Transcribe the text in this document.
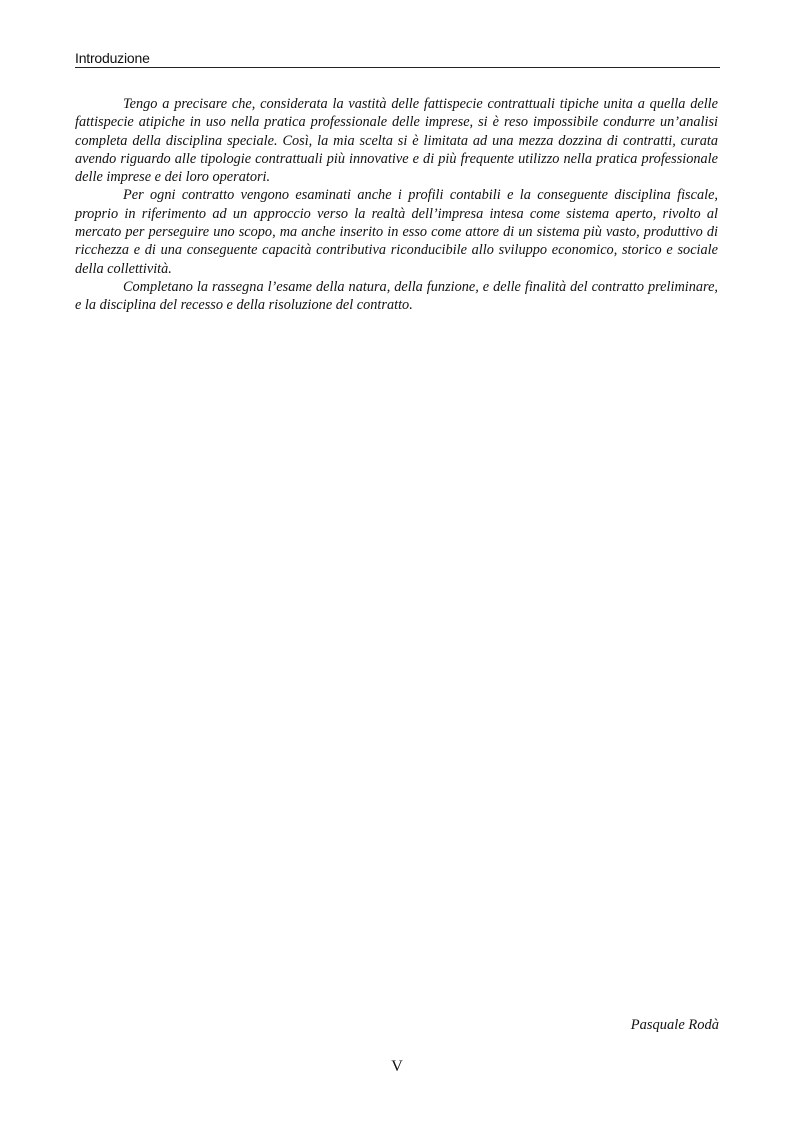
Introduzione

Tengo a precisare che, considerata la vastità delle fattispecie contrattuali tipiche unita a quella delle fattispecie atipiche in uso nella pratica professionale delle imprese, si è reso impossibile condurre un’analisi completa della disciplina speciale. Così, la mia scelta si è limitata ad una mezza dozzina di contratti, curata avendo riguardo alle tipologie contrattuali più innovative e di più frequente utilizzo nella pratica professionale delle imprese e dei loro operatori.

Per ogni contratto vengono esaminati anche i profili contabili e la conseguente disciplina fiscale, proprio in riferimento ad un approccio verso la realtà dell’impresa intesa come sistema aperto, rivolto al mercato per perseguire uno scopo, ma anche inserito in esso come attore di un sistema più vasto, produttivo di ricchezza e di una conseguente capacità contributiva riconducibile allo sviluppo economico, storico e sociale della collettività.

Completano la rassegna l’esame della natura, della funzione, e delle finalità del contratto preliminare, e la disciplina del recesso e della risoluzione del contratto.

Pasquale Rodà
V
